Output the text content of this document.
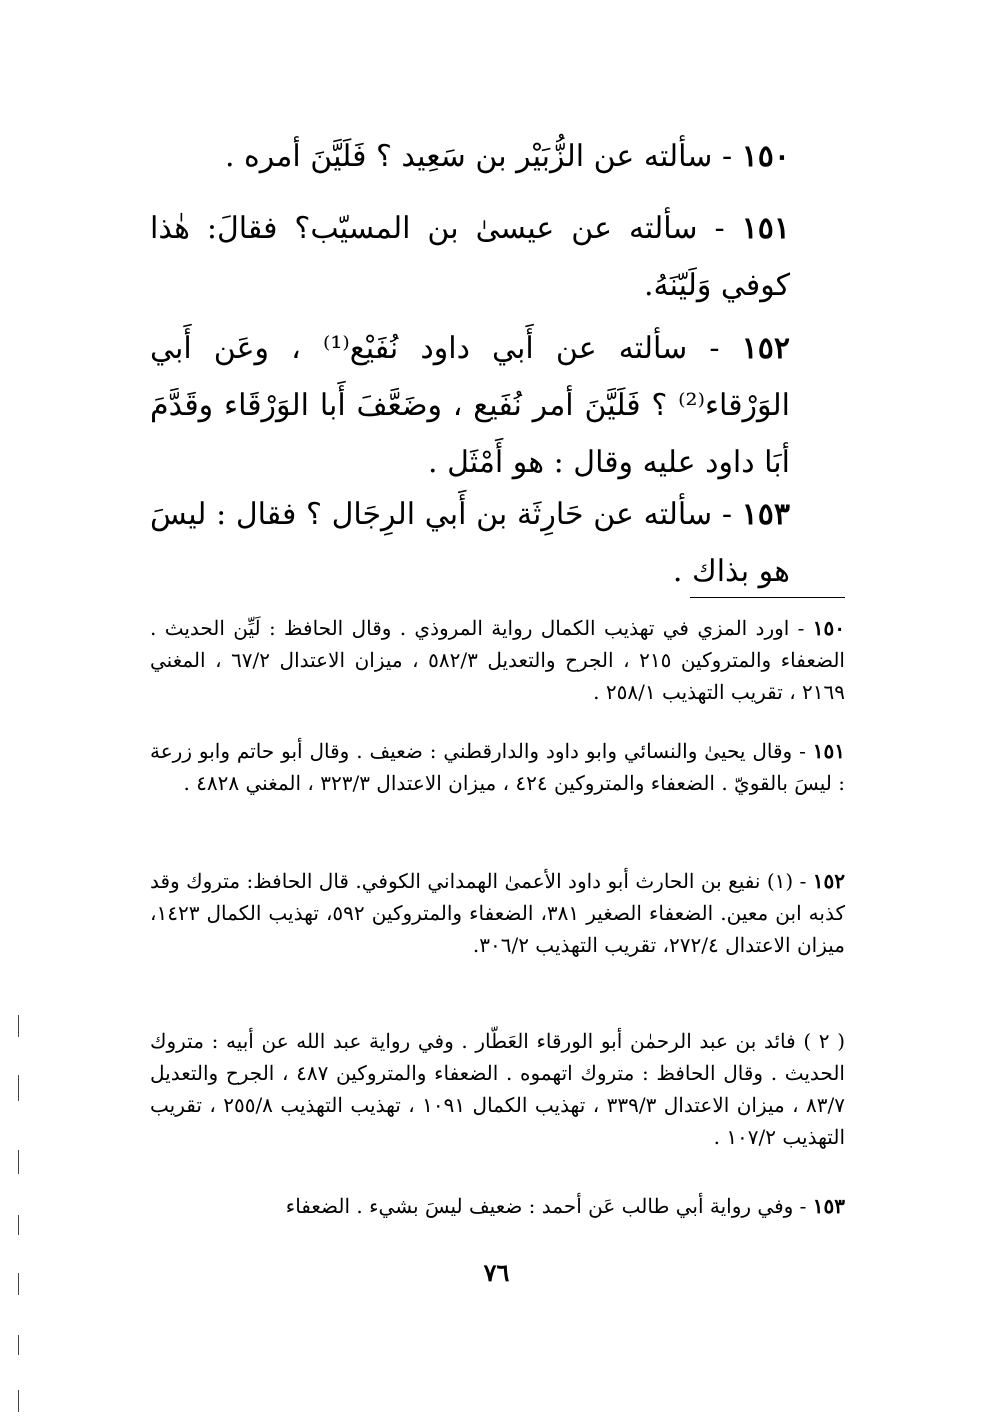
١٥٠ - سألته عن الزُّبَيْر بن سَعِيد ؟ فَلَيَّنَ أمره .

١٥١ - سألته عن عيسىٰ بن المسيّب؟ فقالَ: هٰذا كوفي وَلَيّنَهُ.

١٥٢ - سألته عن أَبي داود نُفَيْع⁽¹⁾ ، وعَن أَبي الوَرْقاء⁽²⁾ ؟ فَلَيَّنَ أمر نُفَيع ، وضَعَّفَ أَبا الوَرْقَاء وقَدَّمَ أبَا داود عليه وقال : هو أَمْثَل .

١٥٣ - سألته عن حَارِثَة بن أَبي الرِجَال ؟ فقال : ليسَ هو بذاك .

١٥٠ - اورد المزي في تهذيب الكمال رواية المروذي . وقال الحافظ : لَيِّن الحديث . الضعفاء والمتروكين ٢١٥ ، الجرح والتعديل ٥٨٢/٣ ، ميزان الاعتدال ٦٧/٢ ، المغني ٢١٦٩ ، تقريب التهذيب ٢٥٨/١ .

١٥١ - وقال يحيىٰ والنسائي وابو داود والدارقطني : ضعيف . وقال أبو حاتم وابو زرعة : ليسَ بالقويّ . الضعفاء والمتروكين ٤٢٤ ، ميزان الاعتدال ٣٢٣/٣ ، المغني ٤٨٢٨ .

١٥٢ - (١) نفيع بن الحارث أبو داود الأعمىٰ الهمداني الكوفي. قال الحافظ: متروك وقد كذبه ابن معين. الضعفاء الصغير ٣٨١، الضعفاء والمتروكين ٥٩٢، تهذيب الكمال ١٤٢٣، ميزان الاعتدال ٢٧٢/٤، تقريب التهذيب ٣٠٦/٢.

( ٢ ) فائد بن عبد الرحمٰن أبو الورقاء العَطّار . وفي رواية عبد الله عن أبيه : متروك الحديث . وقال الحافظ : متروك اتهموه . الضعفاء والمتروكين ٤٨٧ ، الجرح والتعديل ٨٣/٧ ، ميزان الاعتدال ٣٣٩/٣ ، تهذيب الكمال ١٠٩١ ، تهذيب التهذيب ٢٥٥/٨ ، تقريب التهذيب ١٠٧/٢ .

١٥٣ - وفي رواية أبي طالب عَن أحمد : ضعيف ليسَ بشيء . الضعفاء

٧٦
